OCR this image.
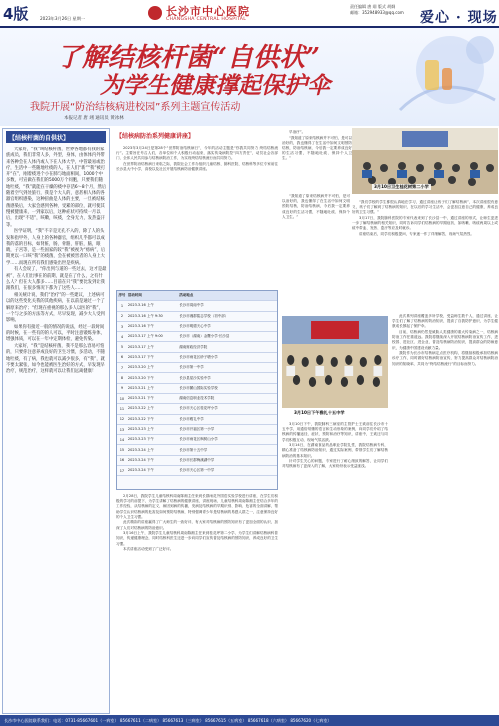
4版	2023年3月26日 星期一
长沙市中心医院
CHANGSHA CENTRAL HOSPITAL
责任编辑 唐 翊 版式 胡炯
邮箱：352948933@qq.com	爱心 · 现场
了解结核杆菌“自供状”
为学生健康撑起保护伞
我院开展“防治结核病进校园”系列主题宣传活动
本报记者 唐 翊 通讯员 黄冰林
【结核杆菌的自供状】

大家好，“我”叫结核杆菌，世界各地都有我的家族成员，我们非常人多，外型，身体，由体体内外带来各种会在人体内或人下在人体大学，中管最易或治疗，生活中一些随地吐痰的人，在人们“新”“我”被打开“在”，刚着痰进个小在肺与地面相间，1000个中多数，可宣做在我们的5000万个同胞，只要我们随地吐痰，“我”就能在干燥的痰中存活6～8个月，然后随着空气到处旅行，我是个大人的，意甚相人体的各器官组织感染，这种扭曲是人体的主要，一旦被结核菌感染后，大家会感到各种，受累的部位，就可使其慢被健康来，一到家以后，这种症状可持续一月以后，出现“不适”，咳嗽，咳痰，全身无力，发热盗汗等。

医学证明，“我”不辛是无孔不入的，除了人的头发和指甲外，人身上的各种器官，组织几乎都可以成我的落的目标，如肾脏，肠，骨骼，肝脏，脑，眼睛，子宫等，是一些国家的较“我”被视为“痨病”，后期更以一口咳“我”的痰菌，会在被被害者的人身上大学……而现在所有我们感染出世是疾病。

有人会说了，“你出到与道的一些过去，这才是最初”，在人们出事在的前期，就是在了什么，之有什么人？但在大人都多……目前在只“我”要比发到让我跟我们，在很多情况下都为了这些人……

相关统计说，我们“治疗”的一些建议，上述病可以的这些变化关我的其他疾病，在以前是通过一个了解原来治疗；“但现在重视的那么多人以医的“我”，一个与之多的方法等方式，尽早发现，减少大人受到影响。

如果你有接近一般的情况的说法，经过一段时间的时候，在一些有的的人可以，平时注意锻炼身体，增强体质，可以在一年中定期体检，避免传染。

大家好，“我”是结核杆菌，我不是那么容易可怕的，只要你注意养成良好的卫生习惯，多活动，不随地吐痰，有了病，我也就可以减少很多，有“我”，就不要太紧张，如今也能被医生治好的方式，早发现早治疗，规范治疗，这样就可以让我们远离健康！

【结核病防治系列健康讲座】

2023年3月24日是第28个“世界防治结核病日”，今年的活动主题是“你我共同努力 终结结核流行”。主要旨在号召人们，各单位和个人积极行动起来，落实传染病防控“四方责任”，动员社会各部门、全体人民共同参与结核病防治工作，为实现终结结核流行而共同努力。

在世界防治结核病日来临之际，我院社会工作办组织儿童结核、肺科医院、结核科等多位专家前往长沙县大中小学，高校以及社区开展结核病防治健康讲座。

序号 活动时间	活动地点
1	2023.3.16 上午	长沙市周南中学
2	2023.3.16 上午 9:30	长沙市湘郡铭志学校（初中部）
3	2023.3.16 下午	长沙市明德天心中学
4	2023.3.17 上午 9:00	长沙市（湖南）金鹰小学·长沙县
5	2023.3.17 上午	湖南财政经济学院
6	2023.3.17 下午	长沙市雨花区砂子塘小学
7	2023.3.20 上午	长沙市第一中学
8	2023.3.20 下午	长沙县星沙实验中学
9	2023.3.21 上午	长沙市麓山国际实验学校
10	2023.3.21 下午	湖南信息职业技术学院
11	2023.3.22 上午	长沙市天心区桂花坪小学
12	2023.3.22 下午	长沙市雅礼中学
13	2023.3.23 上午	长沙市开福区第一小学
14	2023.3.23 下午	长沙市雨花区枫树山小学
15	2023.3.24 上午	长沙市第十五中学
16	2023.3.24 下午	长沙市长郡梅溪湖中学
17	2023.3.24 下午	长沙市天心区第一中学

2月28日，我院学生儿童结核科周南陈湘主任来到长郡雨花外国语实验学校进行讲座，在学生们积极的学习的前提下，为学生讲解了结核病的健康讲座，讲座现场，儿童结核科周南陈湘主任结合多年的工作经验，从结核病的定义，病因到病的传播，发病及结核病的早期识别、影响、危害的全面讲解，帮助学生认识结核病的危害及如何预防结核病，特别强调青少年是结核病的易感人群之一，注意保持良好的个人卫生习惯。

此次精彩的讲座赢得了广大师生的一致好评，有大家对结核病的预防知识有了更加全面的认识，加深了人们对结核病的防治意识。

3月16日上午，我院学生儿童结核科周南陈湘主任来到桂花坪第二小学，为学生们讲解结核病科普知识，传递健康理念，同时结核科医生还进一步向同学们宣传普及结核病的预防知识，养成良好的卫生习惯。

本次讲座活动受到了广泛好评。

早治疗”。

“我知道了原来结核病并不可怕，是可以治好的，我也懂得了在生活中如何文明预防结核，防治结核病，今后我一定要养成良好的生活习惯，不随地吐痰、保持个人卫生。”

3月10日卫生桂花树第二小学

“我们学校的学生都很认真地在学习，通过讲座让孩子们了解结核病”，本次讲座很有意义，孩子们了解到了结核病的知识，在以后的学习生活中，会更加注意自己的健康，养成良好的卫生习惯。”

3月17日，我院肺科医院的专家代表来到了长沙县一中，通过讲座的形式，让师生更进一步了解结核病的相关知识，同时告诉同学们结核病的早期症状，如咳嗽、咳痰两周以上或痰中带血、发热、盗汗等应及时就诊。

讲座结束后，同学们积极提问，专家逐一作了详细解答，现场气氛热烈。

“我知道了原来结核病并不可怕，是可以治好的，我也懂得了在生活中如何文明预防结核，防治结核病，今后我一定要养成良好的生活习惯，不随地吐痰、保持个人卫生。”

3月10日下午雅礼十五中学

3月10日下午，我院肺科三病室的主管护士王欢前往长沙市十五中学，用通俗易懂的语言和生动形象的案例，向同学们介绍了结核病的传播途径、症状、预防和治疗等知识，讲座中，王欢还与同学们积极互动，现场气氛活跃。

3月14日，在湖南食品药品职业学院礼堂，我院结核病专科，精心准备了结核病防治知识，通过实际案例，带领学生们了解结核病防治的基本知识。

针对学生关心的问题，专家进行了耐心细致的解答，让同学们对结核病有了更深入的了解，大家纷纷表示受益匪浅。

此次系列讲座覆盖多所学校，受益师生数千人，通过讲座，让学生们了解了结核病的防治知识，提高了自我防护意识，为学生健康成长撑起了保护伞。

目前，结核病仍然是威胁人类健康的重大传染病之一，结核病防治工作任重道远。我院将继续深入开展结核病防治宣传工作，进校园、进社区、进企业，普及结核病防治知识，提高群众的防病意识，为健康中国建设贡献力量。

我院作为长沙市结核病定点医疗机构，将继续积极承担结核病诊疗工作，同时做好结核病防治宣传，努力提高群众对结核病防治知识的知晓率，共同为“终结结核流行”的目标而努力。

长沙市中心医院联系我们：电话：0731-85667601（一病室） 85667611（二病室） 85667613（三病室） 85667615（五病室） 85667618（六病室） 85667620（七病室）
